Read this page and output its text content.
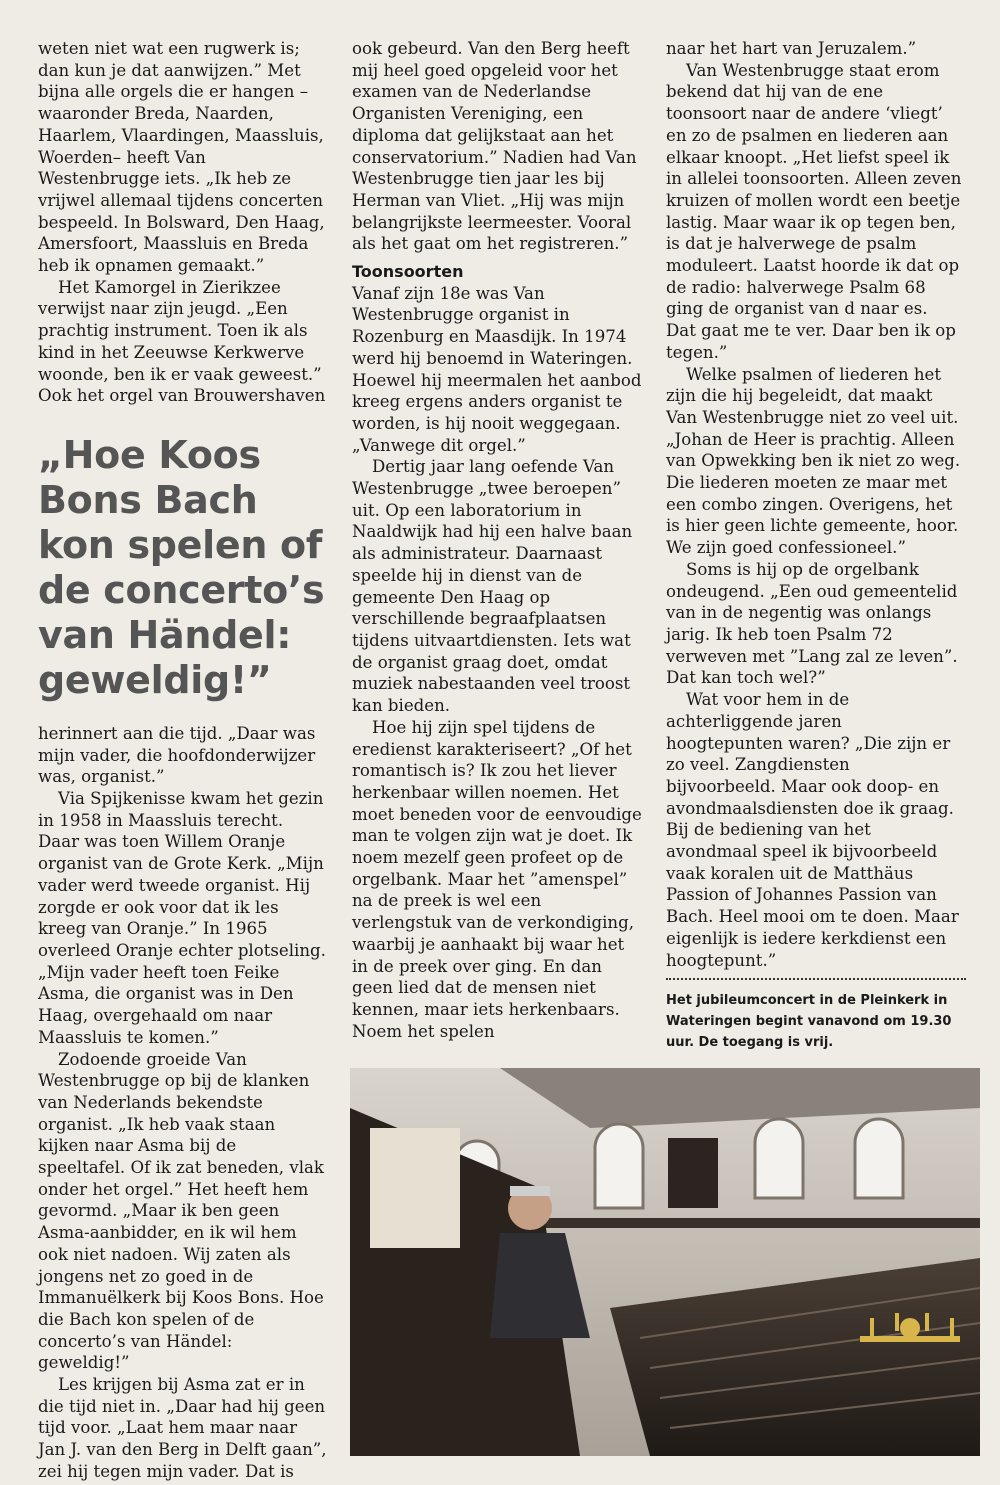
weten niet wat een rugwerk is; dan kun je dat aanwijzen.” Met bijna alle orgels die er hangen –waaronder Breda, Naarden, Haarlem, Vlaardingen, Maassluis, Woerden– heeft Van Westenbrugge iets. „Ik heb ze vrijwel allemaal tijdens concerten bespeeld. In Bolsward, Den Haag, Amersfoort, Maassluis en Breda heb ik opnamen gemaakt.”

Het Kamorgel in Zierikzee verwijst naar zijn jeugd. „Een prachtig instrument. Toen ik als kind in het Zeeuwse Kerkwerve woonde, ben ik er vaak geweest.” Ook het orgel van Brouwershaven

„Hoe Koos Bons Bach kon spelen of de concerto’s van Händel: geweldig!”

herinnert aan die tijd. „Daar was mijn vader, die hoofdonderwijzer was, organist.”

Via Spijkenisse kwam het gezin in 1958 in Maassluis terecht. Daar was toen Willem Oranje organist van de Grote Kerk. „Mijn vader werd tweede organist. Hij zorgde er ook voor dat ik les kreeg van Oranje.” In 1965 overleed Oranje echter plotseling. „Mijn vader heeft toen Feike Asma, die organist was in Den Haag, overgehaald om naar Maassluis te komen.”

Zodoende groeide Van Westenbrugge op bij de klanken van Nederlands bekendste organist. „Ik heb vaak staan kijken naar Asma bij de speeltafel. Of ik zat beneden, vlak onder het orgel.” Het heeft hem gevormd. „Maar ik ben geen Asma-aanbidder, en ik wil hem ook niet nadoen. Wij zaten als jongens net zo goed in de Immanuëlkerk bij Koos Bons. Hoe die Bach kon spelen of de concerto’s van Händel: geweldig!”

Les krijgen bij Asma zat er in die tijd niet in. „Daar had hij geen tijd voor. „Laat hem maar naar Jan J. van den Berg in Delft gaan”, zei hij tegen mijn vader. Dat is

ook gebeurd. Van den Berg heeft mij heel goed opgeleid voor het examen van de Nederlandse Organisten Vereniging, een diploma dat gelijkstaat aan het conservatorium.” Nadien had Van Westenbrugge tien jaar les bij Herman van Vliet. „Hij was mijn belangrijkste leermeester. Vooral als het gaat om het registreren.”

Toonsoorten

Vanaf zijn 18e was Van Westenbrugge organist in Rozenburg en Maasdijk. In 1974 werd hij benoemd in Wateringen. Hoewel hij meermalen het aanbod kreeg ergens anders organist te worden, is hij nooit weggegaan. „Vanwege dit orgel.”

Dertig jaar lang oefende Van Westenbrugge „twee beroepen” uit. Op een laboratorium in Naaldwijk had hij een halve baan als administrateur. Daarnaast speelde hij in dienst van de gemeente Den Haag op verschillende begraafplaatsen tijdens uitvaartdiensten. Iets wat de organist graag doet, omdat muziek nabestaanden veel troost kan bieden.

Hoe hij zijn spel tijdens de eredienst karakteriseert? „Of het romantisch is? Ik zou het liever herkenbaar willen noemen. Het moet beneden voor de eenvoudige man te volgen zijn wat je doet. Ik noem mezelf geen profeet op de orgelbank. Maar het ”amenspel” na de preek is wel een verlengstuk van de verkondiging, waarbij je aanhaakt bij waar het in de preek over ging. En dan geen lied dat de mensen niet kennen, maar iets herkenbaars. Noem het spelen

naar het hart van Jeruzalem.”

Van Westenbrugge staat erom bekend dat hij van de ene toonsoort naar de andere ‘vliegt’ en zo de psalmen en liederen aan elkaar knoopt. „Het liefst speel ik in allelei toonsoorten. Alleen zeven kruizen of mollen wordt een beetje lastig. Maar waar ik op tegen ben, is dat je halverwege de psalm moduleert. Laatst hoorde ik dat op de radio: halverwege Psalm 68 ging de organist van d naar es. Dat gaat me te ver. Daar ben ik op tegen.”

Welke psalmen of liederen het zijn die hij begeleidt, dat maakt Van Westenbrugge niet zo veel uit. „Johan de Heer is prachtig. Alleen van Opwekking ben ik niet zo weg. Die liederen moeten ze maar met een combo zingen. Overigens, het is hier geen lichte gemeente, hoor. We zijn goed confessioneel.”

Soms is hij op de orgelbank ondeugend. „Een oud gemeentelid van in de negentig was onlangs jarig. Ik heb toen Psalm 72 verweven met ”Lang zal ze leven”. Dat kan toch wel?”

Wat voor hem in de achterliggende jaren hoogtepunten waren? „Die zijn er zo veel. Zangdiensten bijvoorbeeld. Maar ook doop- en avondmaalsdiensten doe ik graag. Bij de bediening van het avondmaal speel ik bijvoorbeeld vaak koralen uit de Matthäus Passion of Johannes Passion van Bach. Heel mooi om te doen. Maar eigenlijk is iedere kerkdienst een hoogtepunt.”

Het jubileumconcert in de Pleinkerk in Wateringen begint vanavond om 19.30 uur. De toegang is vrij.
